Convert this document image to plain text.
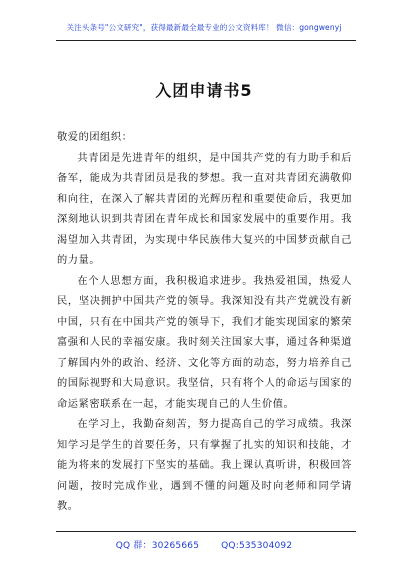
关注头条号"公文研究"，获得最新最全最专业的公文资料库！ 微信：gongwenyj
入团申请书5

敬爱的团组织：

共青团是先进青年的组织，是中国共产党的有力助手和后备军，能成为共青团员是我的梦想。我一直对共青团充满敬仰和向往，在深入了解共青团的光辉历程和重要使命后，我更加深刻地认识到共青团在青年成长和国家发展中的重要作用。我渴望加入共青团，为实现中华民族伟大复兴的中国梦贡献自己的力量。

在个人思想方面，我积极追求进步。我热爱祖国，热爱人民，坚决拥护中国共产党的领导。我深知没有共产党就没有新中国，只有在中国共产党的领导下，我们才能实现国家的繁荣富强和人民的幸福安康。我时刻关注国家大事，通过各种渠道了解国内外的政治、经济、文化等方面的动态，努力培养自己的国际视野和大局意识。我坚信，只有将个人的命运与国家的命运紧密联系在一起，才能实现自己的人生价值。

在学习上，我勤奋刻苦，努力提高自己的学习成绩。我深知学习是学生的首要任务，只有掌握了扎实的知识和技能，才能为将来的发展打下坚实的基础。我上课认真听讲，积极回答问题，按时完成作业，遇到不懂的问题及时向老师和同学请教。

QQ 群：30265665 QQ:535304092
